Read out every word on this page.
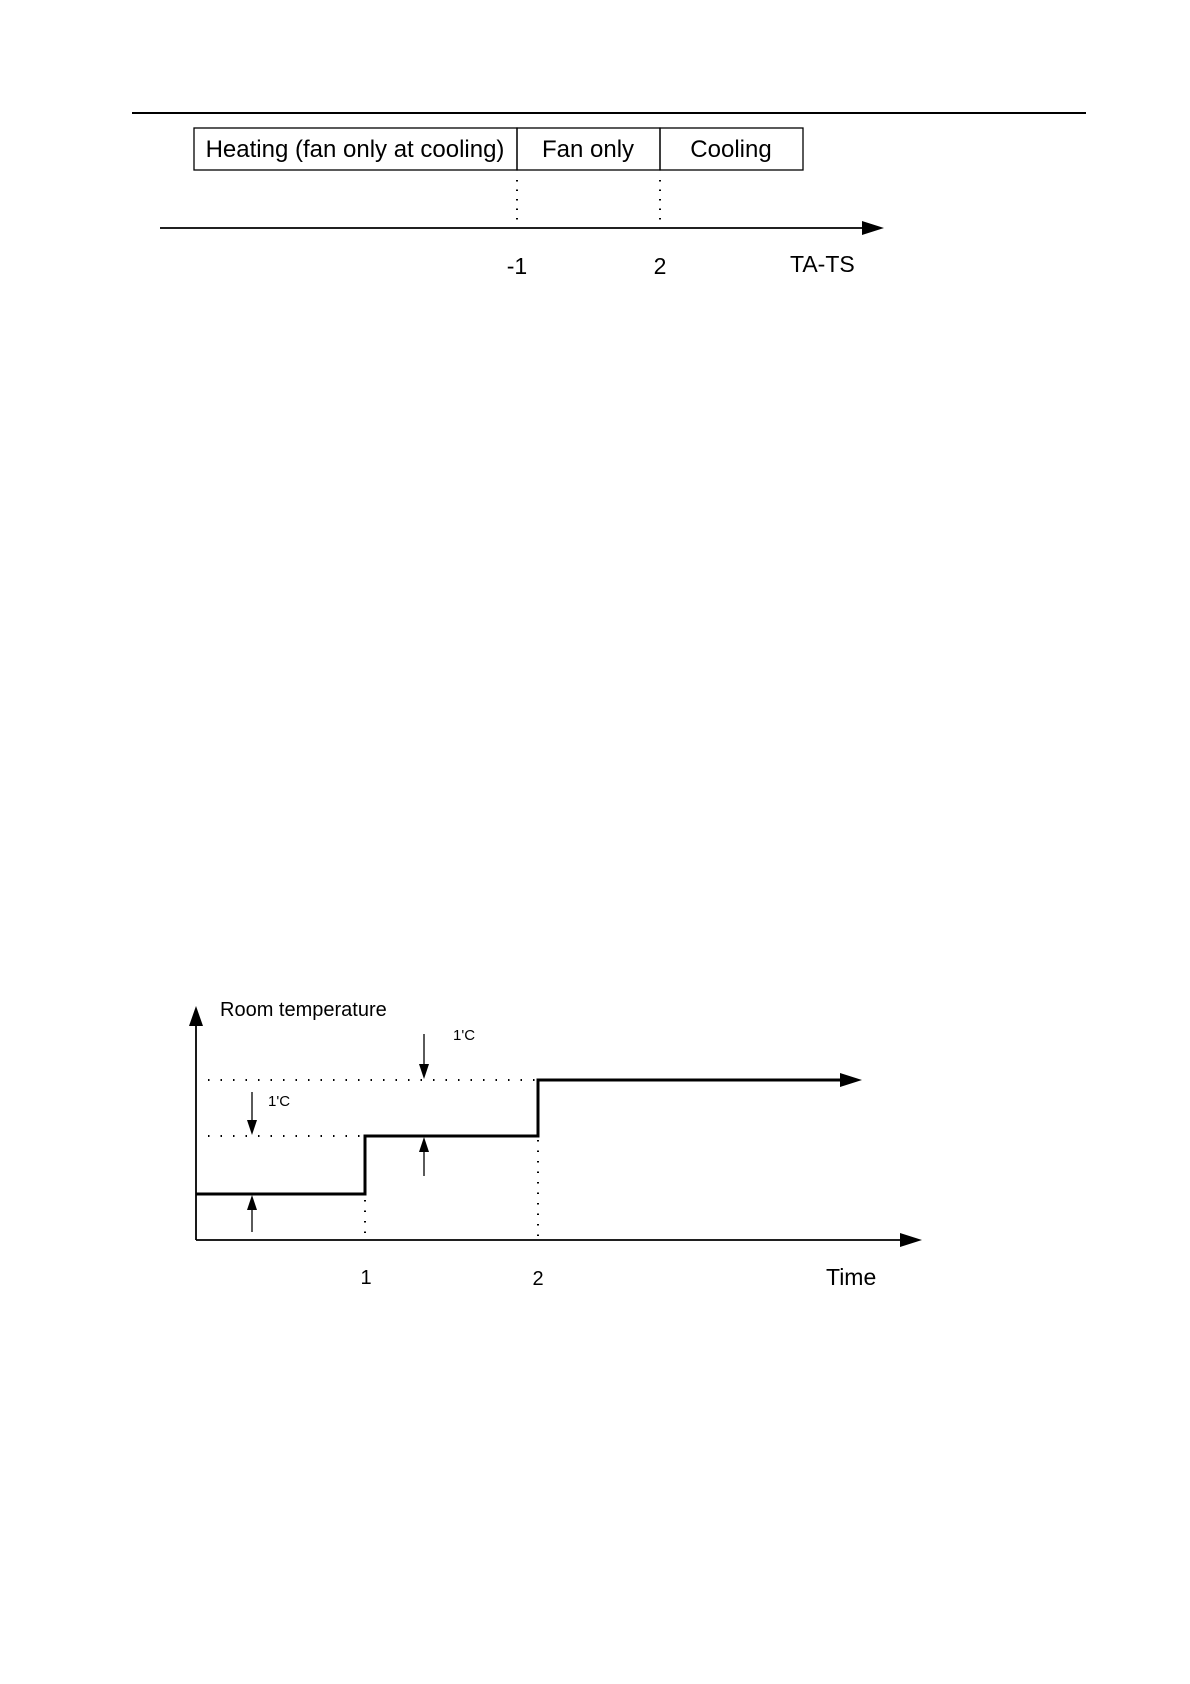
Heating (fan only at cooling) Fan only Cooling
-1	2	TA-TS
Room temperature
Time
1	2
1'C
1'C
